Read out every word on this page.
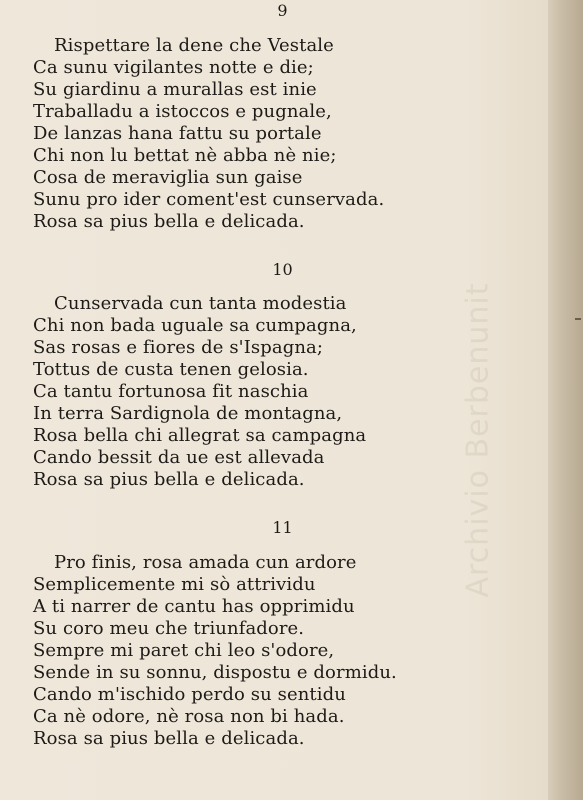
9
Rispettare la dene che Vestale
Ca sunu vigilantes notte e die;
Su giardinu a murallas est inie
Traballadu a istoccos e pugnale,
De lanzas hana fattu su portale
Chi non lu bettat nè abba nè nie;
Cosa de meraviglia sun gaise
Sunu pro ider coment'est cunservada.
Rosa sa pius bella e delicada.
10
Cunservada cun tanta modestia
Chi non bada uguale sa cumpagna,
Sas rosas e fiores de s'Ispagna;
Tottus de custa tenen gelosia.
Ca tantu fortunosa fit naschia
In terra Sardignola de montagna,
Rosa bella chi allegrat sa campagna
Cando bessit da ue est allevada
Rosa sa pius bella e delicada.
11
Pro finis, rosa amada cun ardore
Semplicemente mi sò attrividu
A ti narrer de cantu has opprimidu
Su coro meu che triunfadore.
Sempre mi paret chi leo s'odore,
Sende in su sonnu, dispostu e dormidu.
Cando m'ischido perdo su sentidu
Ca nè odore, nè rosa non bi hada.
Rosa sa pius bella e delicada.
Archivio Berbenunit
